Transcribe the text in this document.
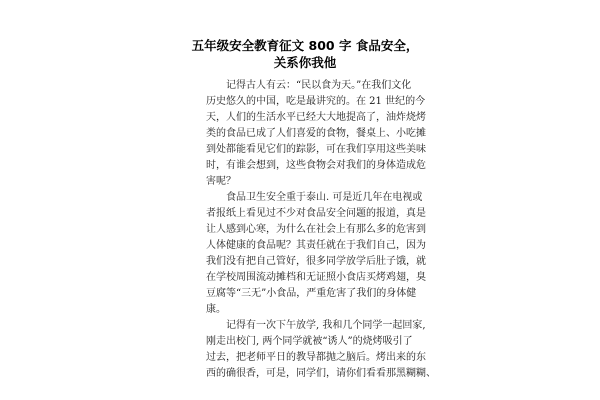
五年级安全教育征文 800 字 食品安全，
关系你我他
　　记得古人有云：“民以食为天。”在我们文化
历史悠久的中国，吃是最讲究的。在 21 世纪的今
天，人们的生活水平已经大大地提高了，油炸烧烤
类的食品已成了人们喜爱的食物，餐桌上、小吃摊
到处都能看见它们的踪影，可在我们享用这些美味
时，有谁会想到，这些食物会对我们的身体造成危
害呢？
　　食品卫生安全重于泰山. 可是近几年在电视或
者报纸上看见过不少对食品安全问题的报道，真是
让人感到心寒，为什么在社会上有那么多的危害到
人体健康的食品呢？其责任就在于我们自己，因为
我们没有把自己管好，很多同学放学后肚子饿，就
在学校周围流动摊档和无证照小食店买烤鸡翅，臭
豆腐等“三无”小食品，严重危害了我们的身体健
康。
　　记得有一次下午放学, 我和几个同学一起回家,
刚走出校门, 两个同学就被“诱人”的烧烤吸引了
过去，把老师平日的教导都抛之脑后。烤出来的东
西的确很香，可是，同学们，请你们看看那黑糊糊、
